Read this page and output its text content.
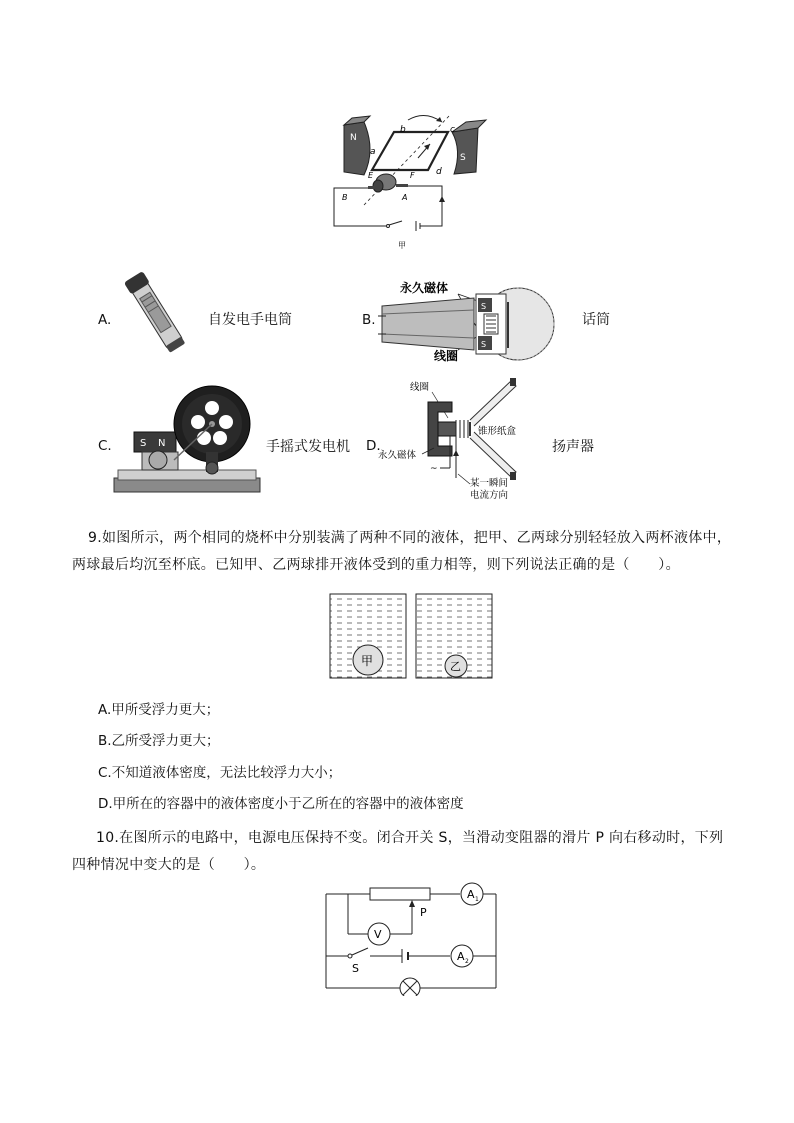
N
S
a
b	c
d
E	F
B	A
甲
A.	自发电手电筒	B.
永久磁体
线圈
S
S
话筒
C.	S N	手摇式发电机 D.
线圈
锥形纸盒
永久磁体
~
某一瞬间
电流方向
扬声器
9.如图所示，两个相同的烧杯中分别装满了两种不同的液体，把甲、乙两球分别轻轻放入两杯液体中，两球最后均沉至杯底。已知甲、乙两球排开液体受到的重力相等，则下列说法正确的是（　　）。
甲	乙
A.甲所受浮力更大；
B.乙所受浮力更大；
C.不知道液体密度，无法比较浮力大小；
D.甲所在的容器中的液体密度小于乙所在的容器中的液体密度
10.在图所示的电路中，电源电压保持不变。闭合开关 S，当滑动变阻器的滑片 P 向右移动时，下列四种情况中变大的是（　　）。
A 1
V
P
S
A 2
